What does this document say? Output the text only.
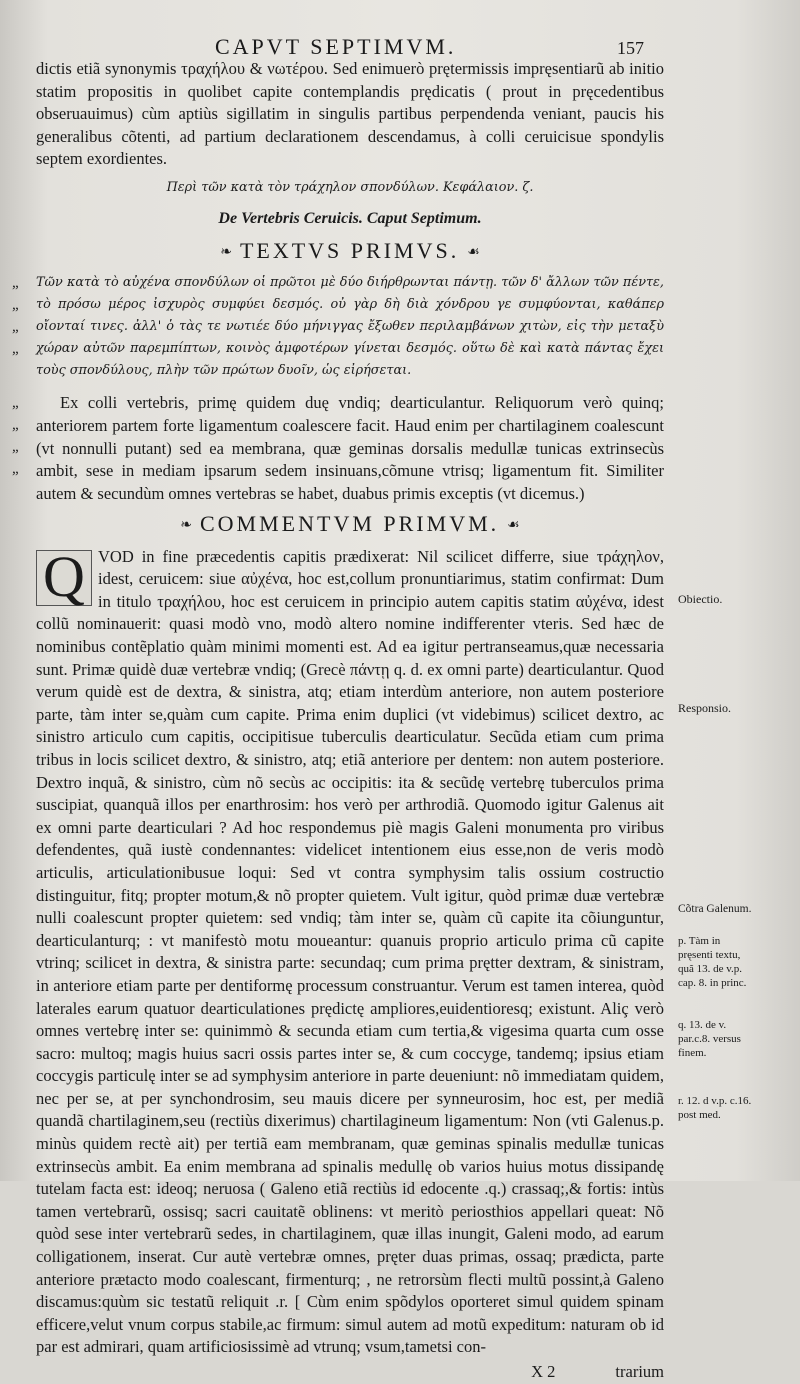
CAPVT SEPTIMVM.	157

dictis etiã synonymis τραχήλου & νωτέρου. Sed enimuerò prętermissis impręsentiarũ ab initio statim propositis in quolibet capite contemplandis prędicatis ( prout in pręcedentibus obseruauimus) cùm aptiùs sigillatim in singulis partibus perpendenda veniant, paucis his generalibus cõtenti, ad partium declarationem descendamus, à colli ceruicisue spondylis septem exordientes.

Περὶ τῶν κατὰ τὸν τράχηλον σπονδύλων. Κεφάλαιον. ζ.
De Vertebris Ceruicis. Caput Septimum.
❧ TEXTVS PRIMVS. ☙
„
„
„
„

Τῶν κατὰ τὸ αὐχένα σπονδύλων οἱ πρῶτοι μὲ δύο διήρθρωνται πάντῃ. τῶν δ' ἄλλων τῶν πέντε, τὸ πρόσω μέρος ἰσχυρὸς συμφύει δεσμός. οὐ γὰρ δὴ διὰ χόνδρου γε συμφύονται, καθάπερ οἴονταί τινες. ἀλλ' ὁ τὰς τε νωτιέε δύο μήνιγγας ἔξωθεν περιλαμβάνων χιτὼν, εἰς τὴν μεταξὺ χώραν αὐτῶν παρεμπίπτων, κοινὸς ἀμφοτέρων γίνεται δεσμός. οὕτω δὲ καὶ κατὰ πάντας ἔχει τοὺς σπονδύλους, πλὴν τῶν πρώτων δυοῖν, ὡς εἰρήσεται.

„
„
„
„

Ex colli vertebris, primę quidem duę vndiq; dearticulantur. Reliquorum verò quinq; anteriorem partem forte ligamentum coalescere facit. Haud enim per chartilaginem coalescunt (vt nonnulli putant) sed ea membrana, quæ geminas dorsalis medullæ tunicas extrinsecùs ambit, sese in mediam ipsarum sedem insinuans,cõmune vtrisq; ligamentum fit. Similiter autem & secundùm omnes vertebras se habet, duabus primis exceptis (vt dicemus.)

❧ COMMENTVM PRIMVM. ☙
Q VOD in fine præcedentis capitis prædixerat: Nil scilicet differre, siue τράχηλον, idest, ceruicem: siue αὐχένα, hoc est,collum pronuntiarimus, statim confirmat: Dum in titulo τραχήλου, hoc est ceruicem in principio autem capitis statim αὐχένα, idest collũ nominauerit: quasi modò vno, modò altero nomine indifferenter vteris. Sed hæc de nominibus contẽplatio quàm minimi momenti est. Ad ea igitur pertranseamus,quæ necessaria sunt. Primæ quidè duæ vertebræ vndiq; (Grecè πάντῃ q. d. ex omni parte) dearticulantur. Quod verum quidè est de dextra, & sinistra, atq; etiam interdùm anteriore, non autem posteriore parte, tàm inter se,quàm cum capite. Prima enim duplici (vt videbimus) scilicet dextro, ac sinistro articulo cum capitis, occipitisue tuberculis dearticulatur. Secũda etiam cum prima tribus in locis scilicet dextro, & sinistro, atq; etiã anteriore per dentem: non autem posteriore. Dextro inquã, & sinistro, cùm nõ secùs ac occipitis: ita & secũdę vertebrę tuberculos prima suscipiat, quanquã illos per enarthrosim: hos verò per arthrodiã. Quomodo igitur Galenus ait ex omni parte dearticulari ? Ad hoc respondemus piè magis Galeni monumenta pro viribus defendentes, quã iustè condennantes: videlicet intentionem eius esse,non de veris modò articulis, articulationibusue loqui: Sed vt contra symphysim talis ossium costructio distinguitur, fitq; propter motum,& nõ propter quietem. Vult igitur, quòd primæ duæ vertebræ nulli coalescunt propter quietem: sed vndiq; tàm inter se, quàm cũ capite ita cõiunguntur, dearticulanturq; : vt manifestò motu moueantur: quanuis proprio articulo prima cũ capite vtrinq; scilicet in dextra, & sinistra parte: secundaq; cum prima prętter dextram, & sinistram, in anteriore etiam parte per dentiformę processum construantur. Verum est tamen interea, quòd laterales earum quatuor dearticulationes prędictę ampliores,euidentioresq; existunt. Aliç verò omnes vertebrę inter se: quinimmò & secunda etiam cum tertia,& vigesima quarta cum osse sacro: multoq; magis huius sacri ossis partes inter se, & cum coccyge, tandemq; ipsius etiam coccygis particulę inter se ad symphysim anteriore in parte deueniunt: nõ immediatam quidem, nec per se, at per synchondrosim, seu mauis dicere per synneurosim, hoc est, per mediã quandã chartilaginem,seu (rectiùs dixerimus) chartilagineum ligamentum: Non (vti Galenus.p. minùs quidem rectè ait) per tertiã eam membranam, quæ geminas spinalis medullæ tunicas extrinsecùs ambit. Ea enim membrana ad spinalis medullę ob varios huius motus dissipandę tutelam facta est: ideoq; neruosa ( Galeno etiã rectiùs id edocente .q.) crassaq;,& fortis: intùs tamen vertebrarũ, ossisq; sacri cauitatẽ oblinens: vt meritò periosthios appellari queat: Nõ quòd sese inter vertebrarũ sedes, in chartilaginem, quæ illas inungit, Galeni modo, ad earum colligationem, inserat. Cur autè vertebræ omnes, pręter duas primas, ossaq; prædicta, parte anteriore prætacto modo coalescant, firmenturq; , ne retrorsùm flecti multũ possint,à Galeno discamus:quùm sic testatũ reliquit .r. [ Cùm enim spõdylos oporteret simul quidem spinam efficere,velut vnum corpus stabile,ac firmum: simul autem ad motũ expeditum: naturam ob id par est admirari, quam artificiosissimè ad vtrunq; vsum,tametsi con-

X 2	trarium
Obiectio.
Responsio.
Cõtra Galenum.
p. Tàm in pręsenti textu, quã 13. de v.p. cap. 8. in princ.
q. 13. de v. par.c.8. versus finem.
r. 12. d v.p. c.16. post med.
